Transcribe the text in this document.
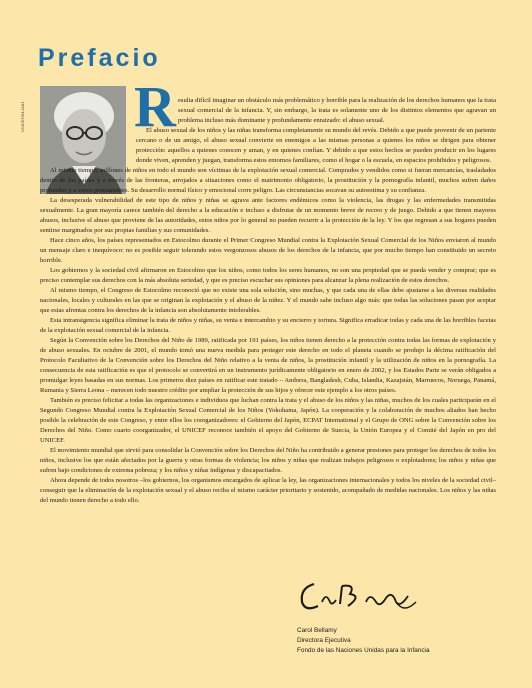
Prefacio
UNICEF/94-1181 R esulta difícil imaginar un obstáculo más problemático y horrible para la realización de los derechos humanos que la trata sexual comercial de la infancia. Y, sin embargo, la trata es solamente uno de los distintos elementos que agravan un problema incluso más dominante y profundamente enraizado: el abuso sexual.

El abuso sexual de los niños y las niñas transforma completamente su mundo del revés. Debido a que puede provenir de un pariente cercano o de un amigo, el abuso sexual convierte en enemigos a las mismas personas a quienes los niños se dirigen para obtener protección: aquellos a quienes conocen y aman, y en quienes confían. Y debido a que estos hechos se pueden producir en los lugares donde viven, aprenden y juegan, transforma estos entornos familiares, como el hogar o la escuela, en espacios prohibidos y peligrosos.

Al mismo tiempo, millones de niños en todo el mundo son víctimas de la explotación sexual comercial. Comprados y vendidos como si fueran mercancías, trasladados dentro de los países y a través de las fronteras, arrojados a situaciones como el matrimonio obligatorio, la prostitución y la pornografía infantil, muchos sufren daños profundos y a veces permanentes. Su desarrollo normal físico y emocional corre peligro. Las circunstancias socavan su autoestima y su confianza.

La desesperada vulnerabilidad de este tipo de niños y niñas se agrava ante factores endémicos como la violencia, las drogas y las enfermedades transmitidas sexualmente. La gran mayoría carece también del derecho a la educación e incluso a disfrutar de un momento breve de recreo y de juego. Debido a que tienen mayores abusos, inclusive el abuso que proviene de las autoridades, estos niños por lo general no pueden recurrir a la protección de la ley. Y los que regresan a sus hogares pueden sentirse marginados por sus propias familias y sus comunidades.

Hace cinco años, los países representados en Estocolmo durante el Primer Congreso Mundial contra la Explotación Sexual Comercial de los Niños enviaron al mundo un mensaje claro e inequívoco: no es posible seguir tolerando estos vergonzosos abusos de los derechos de la infancia, que por mucho tiempo han constituido un secreto horrible.

Los gobiernos y la sociedad civil afirmaron en Estocolmo que los niños, como todos los seres humanos, no son una propiedad que se pueda vender y comprar; que es preciso contemplar sus derechos con la más absoluta seriedad, y que es preciso escuchar sus opiniones para alcanzar la plena realización de estos derechos.

Al mismo tiempo, el Congreso de Estocolmo reconoció que no existe una sola solución, sino muchas, y que cada una de ellas debe ajustarse a las diversas realidades nacionales, locales y culturales en las que se originan la explotación y el abuso de la niñez. Y el mundo sabe incluso algo más: que todas las soluciones pasan por aceptar que estas afrentas contra los derechos de la infancia son absolutamente intolerables.

Esta intransigencia significa eliminar la trata de niños y niñas, su venta e intercambio y su encierro y tortura. Significa erradicar todas y cada una de las horribles facetas de la explotación sexual comercial de la infancia.

Según la Convención sobre los Derechos del Niño de 1989, ratificada por 191 países, los niños tienen derecho a la protección contra todas las formas de explotación y de abuso sexuales. En octubre de 2001, el mundo tomó una nueva medida para proteger este derecho en todo el planeta cuando se produjo la décima ratificación del Protocolo Facultativo de la Convención sobre los Derechos del Niño relativo a la venta de niños, la prostitución infantil y la utilización de niños en la pornografía. La consecuencia de esta ratificación es que el protocolo se convertirá en un instrumento jurídicamente obligatorio en enero de 2002, y los Estados Parte se verán obligados a promulgar leyes basadas en sus normas. Los primeros diez países en ratificar este tratado – Andorra, Bangladesh, Cuba, Islandia, Kazajstán, Marruecos, Noruega, Panamá, Rumania y Sierra Leona – merecen todo nuestro crédito por ampliar la protección de sus hijos y ofrecer este ejemplo a los otros países.

También es preciso felicitar a todas las organizaciones e individuos que luchan contra la trata y el abuso de los niños y las niñas, muchos de los cuales participarán en el Segundo Congreso Mundial contra la Explotación Sexual Comercial de los Niños (Yokohama, Japón). La cooperación y la colaboración de muchos aliados han hecho posible la celebración de este Congreso, y entre ellos los coorganizadores: el Gobierno del Japón, ECPAT International y el Grupo de ONG sobre la Convención sobre los Derechos del Niño. Como cuarto coorganizador, el UNICEF reconoce también el apoyo del Gobierno de Suecia, la Unión Europea y el Comité del Japón en pro del UNICEF.

El movimiento mundial que sirvió para consolidar la Convención sobre los Derechos del Niño ha contribuido a generar presiones para proteger los derechos de todos los niños, inclusive los que están afectados por la guerra y otras formas de violencia; los niños y niñas que realizan trabajos peligrosos o explotadores; los niños y niñas que sufren bajo condiciones de extrema pobreza; y los niños y niñas indígenas y discapacitados.

Ahora depende de todos nosotros –los gobiernos, los organismos encargados de aplicar la ley, las organizaciones internacionales y todos los niveles de la sociedad civil– conseguir que la eliminación de la explotación sexual y el abuso reciba el mismo carácter prioritario y sostenido, acompañado de medidas nacionales. Los niños y las niñas del mundo tienen derecho a todo ello.

Carol Bellamy
Directora Ejecutiva
Fondo de las Naciones Unidas para la Infancia
